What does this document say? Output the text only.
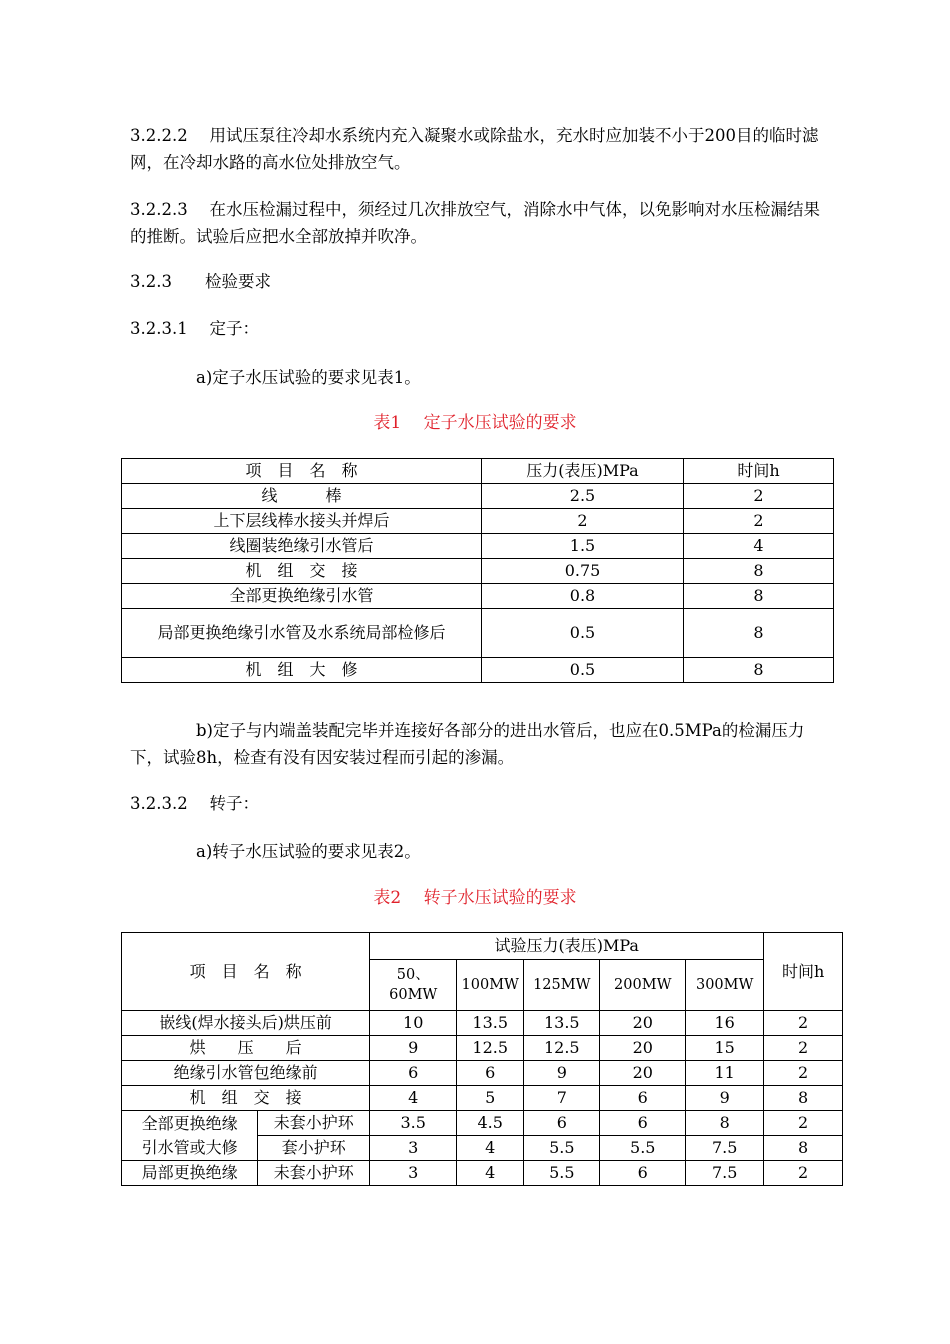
3.2.2.2　 用试压泵往冷却水系统内充入凝聚水或除盐水，充水时应加装不小于200目的临时滤网，在冷却水路的高水位处排放空气。

3.2.2.3　 在水压检漏过程中，须经过几次排放空气，消除水中气体，以免影响对水压检漏结果的推断。试验后应把水全部放掉并吹净。

3.2.3　　检验要求

3.2.3.1　 定子：

a)定子水压试验的要求见表1。

表1　 定子水压试验的要求
项　目　名　称	压力(表压)MPa	时间h
线　　　棒	2.5	2
上下层线棒水接头并焊后	2	2
线圈装绝缘引水管后	1.5	4
机　组　交　接	0.75	8
全部更换绝缘引水管	0.8	8
局部更换绝缘引水管及水系统局部检修后	0.5	8
机　组　大　修	0.5	8

b)定子与内端盖装配完毕并连接好各部分的进出水管后，也应在0.5MPa的检漏压力下，试验8h，检查有没有因安装过程而引起的渗漏。

3.2.3.2　 转子：

a)转子水压试验的要求见表2。

表2　 转子水压试验的要求
项　目　名　称		试验压力(表压)MPa					时间h
		50、60MW	100MW	125MW	200MW	300MW	
嵌线(焊水接头后)烘压前		10	13.5	13.5	20	16	2
烘　　压　　后		9	12.5	12.5	20	15	2
绝缘引水管包绝缘前		6	6	9	20	11	2
机　组　交　接		4	5	7	6	9	8

全部更换绝缘
引水管或大修	未套小护环	3.5	4.5	6	6	8	2
	套小护环	3	4	5.5	5.5	7.5	8
局部更换绝缘	未套小护环	3	4	5.5	6	7.5	2
